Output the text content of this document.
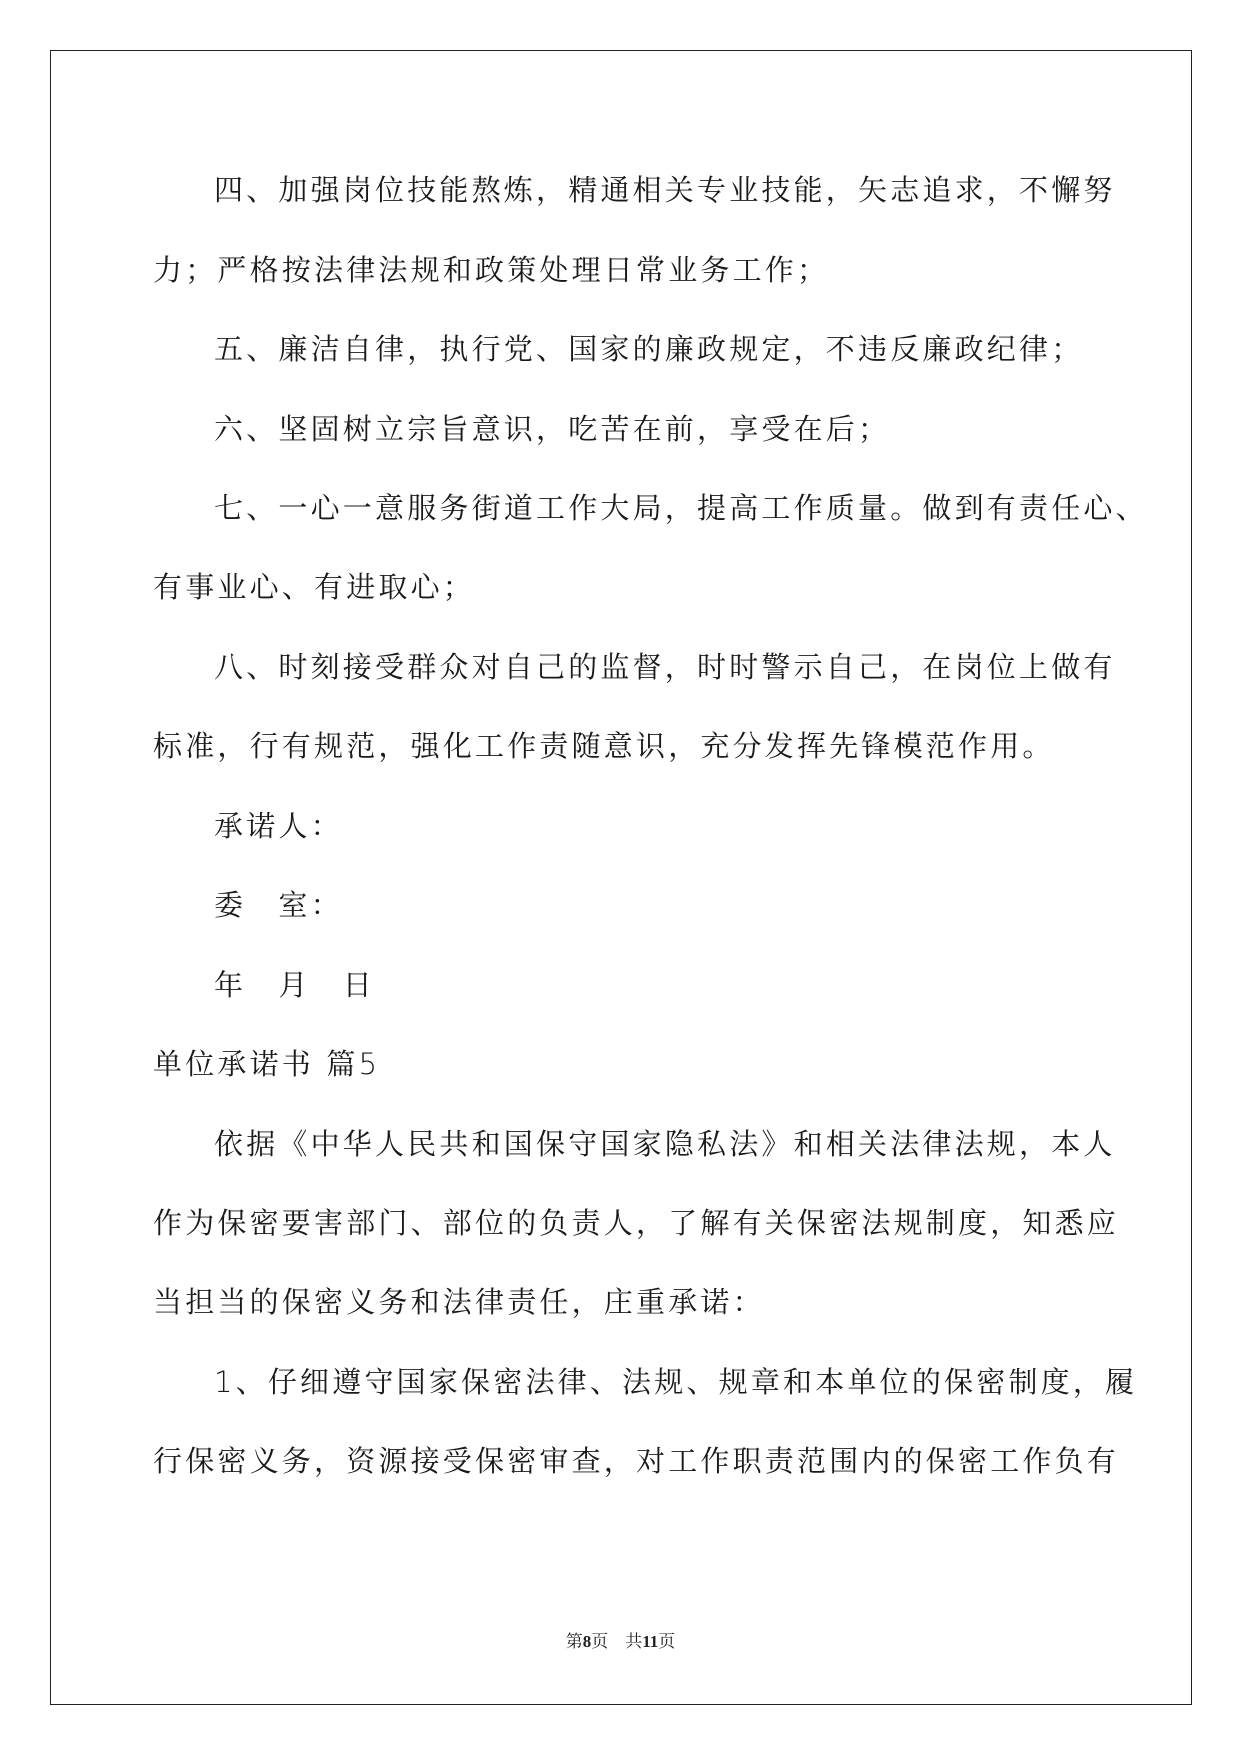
四、加强岗位技能熬炼，精通相关专业技能，矢志追求，不懈努
力；严格按法律法规和政策处理日常业务工作；
五、廉洁自律，执行党、国家的廉政规定，不违反廉政纪律；
六、坚固树立宗旨意识，吃苦在前，享受在后；
七、一心一意服务街道工作大局，提高工作质量。做到有责任心、
有事业心、有进取心；
八、时刻接受群众对自己的监督，时时警示自己，在岗位上做有
标准，行有规范，强化工作责随意识，充分发挥先锋模范作用。
承诺人：
委　室：
年　月　日
单位承诺书 篇5
依据《中华人民共和国保守国家隐私法》和相关法律法规，本人
作为保密要害部门、部位的负责人，了解有关保密法规制度，知悉应
当担当的保密义务和法律责任，庄重承诺：
1、仔细遵守国家保密法律、法规、规章和本单位的保密制度，履
行保密义务，资源接受保密审查，对工作职责范围内的保密工作负有
第8页　共11页
